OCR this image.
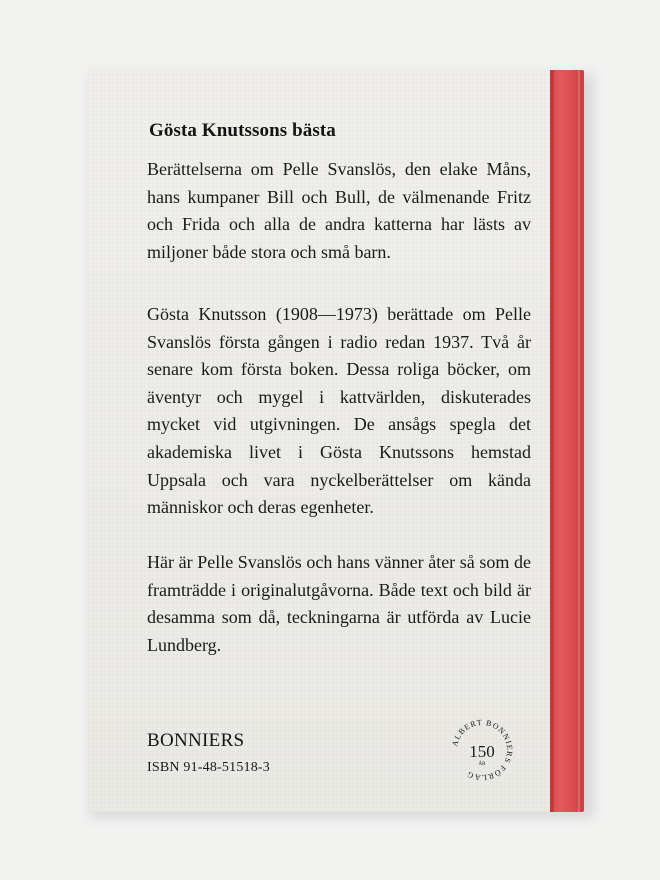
Gösta Knutssons bästa

Berättelserna om Pelle Svanslös, den elake Måns, hans kumpaner Bill och Bull, de välmenande Fritz och Frida och alla de andra katterna har lästs av miljoner både stora och små barn.

Gösta Knutsson (1908—1973) berättade om Pelle Svanslös första gången i radio redan 1937. Två år senare kom första boken. Dessa roliga böcker, om äventyr och mygel i kattvärlden, diskuterades mycket vid utgivningen. De ansågs spegla det akademiska livet i Gösta Knutssons hemstad Uppsala och vara nyckelberättelser om kända människor och deras egenheter.

Här är Pelle Svanslös och hans vänner åter så som de framträdde i originalutgåvorna. Både text och bild är desamma som då, teckningarna är utförda av Lucie Lundberg.

BONNIERS

ISBN 91-48-51518-3

ALBERT BONNIERS FÖRLAG
150
ÅR
